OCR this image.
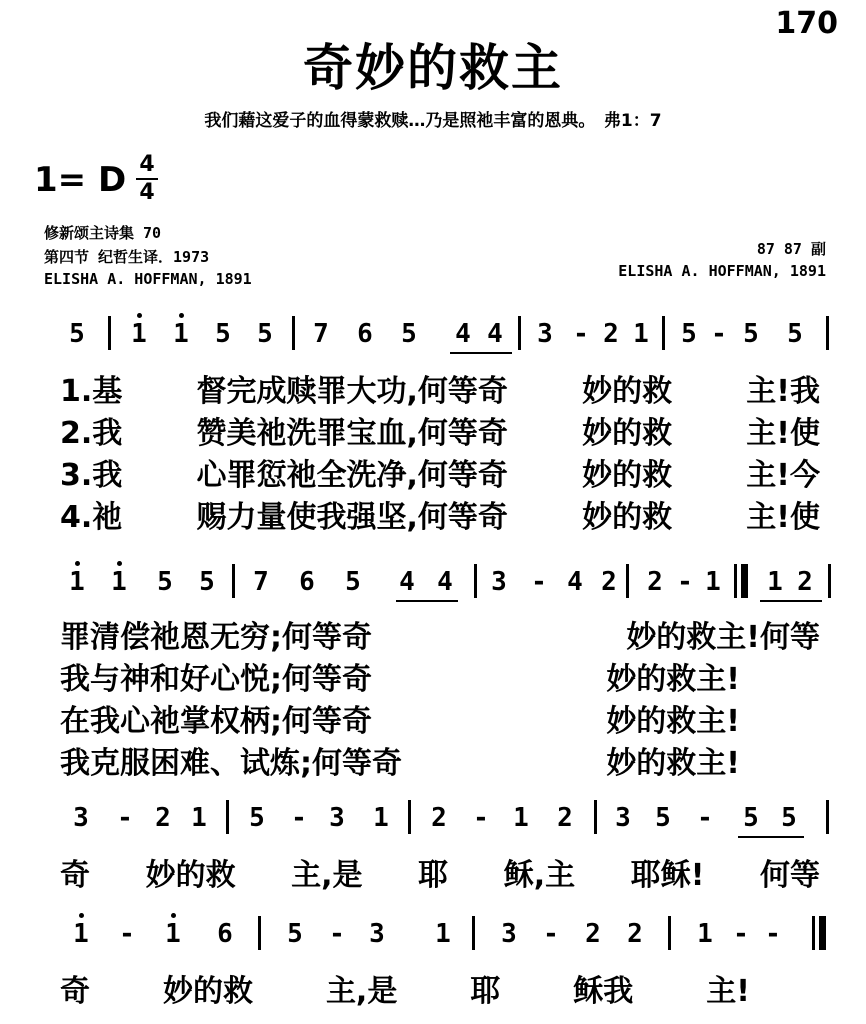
170
奇妙的救主
我们藉这爱子的血得蒙救赎…乃是照祂丰富的恩典。　弗1：7
1= D 4
4
修新颂主诗集 70
第四节 纪哲生译．1973
ELISHA A. HOFFMAN, 1891
87 87 副
ELISHA A. HOFFMAN, 1891
5 1 1 5 5 7 6 5 4 4 3 - 2 1 5 - 5 5
1.基 督完成赎罪大功,何等奇 妙的救 主!我
2.我 赞美祂洗罪宝血,何等奇 妙的救 主!使
3.我 心罪愆祂全洗净,何等奇 妙的救 主!今
4.祂 赐力量使我强坚,何等奇 妙的救 主!使
1 1 5 5 7 6 5 4 4 3 - 4 2 2 - 1 1 2
罪清偿祂恩无穷;何等奇	妙的救主!何等
我与神和好心悦;何等奇	妙的救主!
在我心祂掌权柄;何等奇	妙的救主!
我克服困难、试炼;何等奇	妙的救主!
3 - 2 1 5 - 3 1 2 - 1 2 3 5 - 5 5
奇 妙的救 主,是 耶 稣,主 耶稣! 何等
1 - 1 6 5 - 3 1 3 - 2 2 1 - -
奇 妙的救 主,是 耶 稣我 主!
